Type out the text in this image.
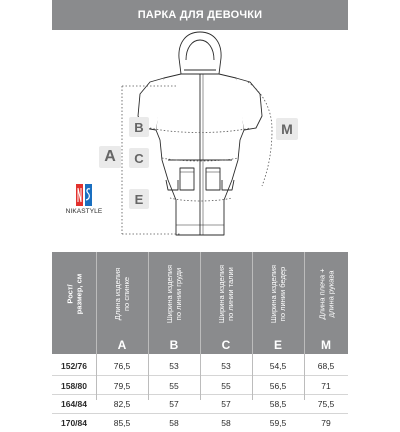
ПАРКА ДЛЯ ДЕВОЧКИ
A
B
C
E
M
NIKASTYLE
Рост/
размер, см
Длина изделия
по спинке
Ширина изделия
по линии груди
Ширина изделия
по линии талии
Ширина изделия
по линии бедер
Длина плеча +
длина рукава
A	B	C	E	M
152/76	76,5	53	53	54,5	68,5
158/80	79,5	55	55	56,5	71
164/84	82,5	57	57	58,5	75,5
170/84	85,5	58	58	59,5	79
